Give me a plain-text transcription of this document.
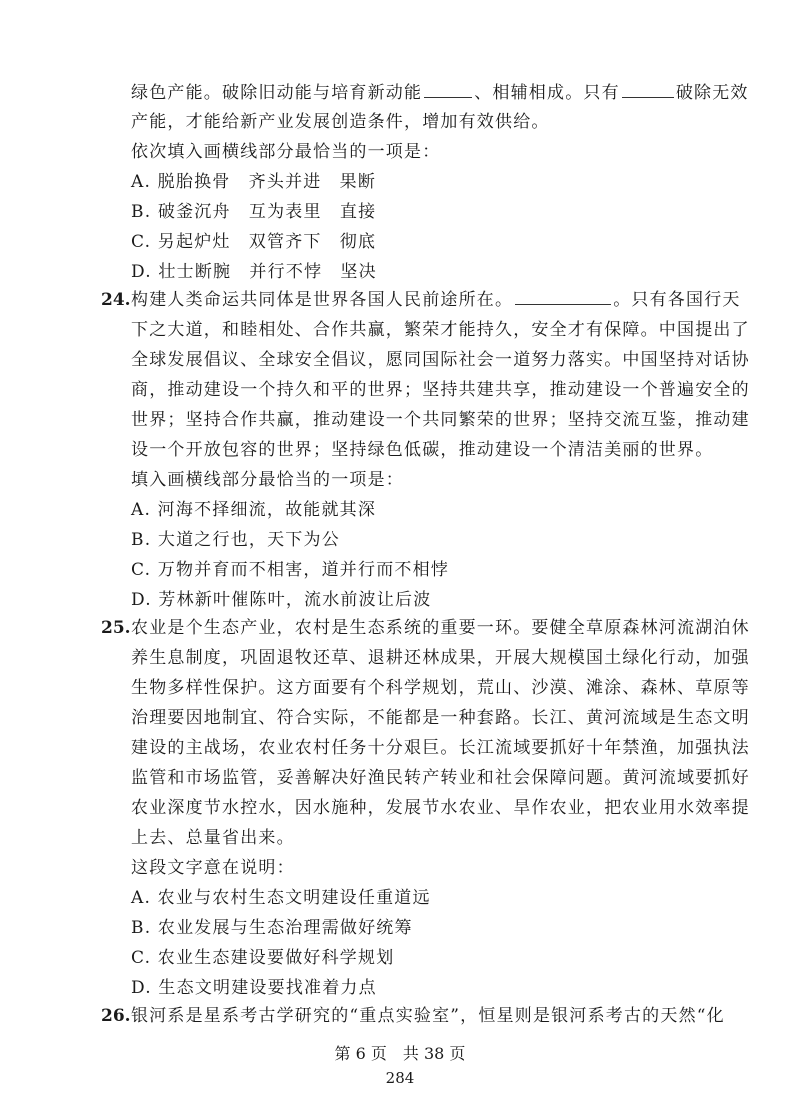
绿色产能。破除旧动能与培育新动能	、相辅相成。只有	破除无效
产能，才能给新产业发展创造条件，增加有效供给。
依次填入画横线部分最恰当的一项是：
A. 脱胎换骨　齐头并进　果断
B. 破釜沉舟　互为表里　直接
C. 另起炉灶　双管齐下　彻底
D. 壮士断腕　并行不悖　坚决
24. 构建人类命运共同体是世界各国人民前途所在。	。只有各国行天
下之大道，和睦相处、合作共赢，繁荣才能持久，安全才有保障。中国提出了
全球发展倡议、全球安全倡议，愿同国际社会一道努力落实。中国坚持对话协
商，推动建设一个持久和平的世界；坚持共建共享，推动建设一个普遍安全的
世界；坚持合作共赢，推动建设一个共同繁荣的世界；坚持交流互鉴，推动建
设一个开放包容的世界；坚持绿色低碳，推动建设一个清洁美丽的世界。
填入画横线部分最恰当的一项是：
A. 河海不择细流，故能就其深
B. 大道之行也，天下为公
C. 万物并育而不相害，道并行而不相悖
D. 芳林新叶催陈叶，流水前波让后波
25. 农业是个生态产业，农村是生态系统的重要一环。要健全草原森林河流湖泊休
养生息制度，巩固退牧还草、退耕还林成果，开展大规模国土绿化行动，加强
生物多样性保护。这方面要有个科学规划，荒山、沙漠、滩涂、森林、草原等
治理要因地制宜、符合实际，不能都是一种套路。长江、黄河流域是生态文明
建设的主战场，农业农村任务十分艰巨。长江流域要抓好十年禁渔，加强执法
监管和市场监管，妥善解决好渔民转产转业和社会保障问题。黄河流域要抓好
农业深度节水控水，因水施种，发展节水农业、旱作农业，把农业用水效率提
上去、总量省出来。
这段文字意在说明：
A. 农业与农村生态文明建设任重道远
B. 农业发展与生态治理需做好统筹
C. 农业生态建设要做好科学规划
D. 生态文明建设要找准着力点
26. 银河系是星系考古学研究的“重点实验室”，恒星则是银河系考古的天然“化
第 6 页　共 38 页
284
